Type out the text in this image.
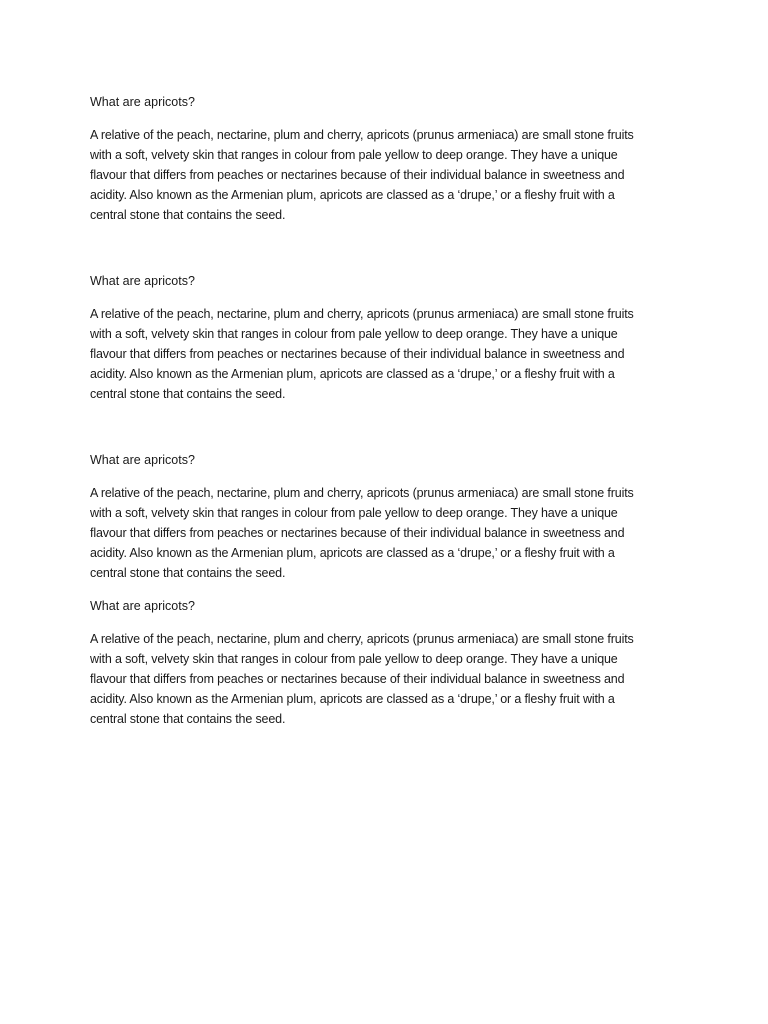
What are apricots?

A relative of the peach, nectarine, plum and cherry, apricots (prunus armeniaca) are small stone fruits
with a soft, velvety skin that ranges in colour from pale yellow to deep orange. They have a unique
flavour that differs from peaches or nectarines because of their individual balance in sweetness and
acidity. Also known as the Armenian plum, apricots are classed as a ‘drupe,’ or a fleshy fruit with a
central stone that contains the seed.

What are apricots?

A relative of the peach, nectarine, plum and cherry, apricots (prunus armeniaca) are small stone fruits
with a soft, velvety skin that ranges in colour from pale yellow to deep orange. They have a unique
flavour that differs from peaches or nectarines because of their individual balance in sweetness and
acidity. Also known as the Armenian plum, apricots are classed as a ‘drupe,’ or a fleshy fruit with a
central stone that contains the seed.

What are apricots?

A relative of the peach, nectarine, plum and cherry, apricots (prunus armeniaca) are small stone fruits
with a soft, velvety skin that ranges in colour from pale yellow to deep orange. They have a unique
flavour that differs from peaches or nectarines because of their individual balance in sweetness and
acidity. Also known as the Armenian plum, apricots are classed as a ‘drupe,’ or a fleshy fruit with a
central stone that contains the seed.

What are apricots?

A relative of the peach, nectarine, plum and cherry, apricots (prunus armeniaca) are small stone fruits
with a soft, velvety skin that ranges in colour from pale yellow to deep orange. They have a unique
flavour that differs from peaches or nectarines because of their individual balance in sweetness and
acidity. Also known as the Armenian plum, apricots are classed as a ‘drupe,’ or a fleshy fruit with a
central stone that contains the seed.
